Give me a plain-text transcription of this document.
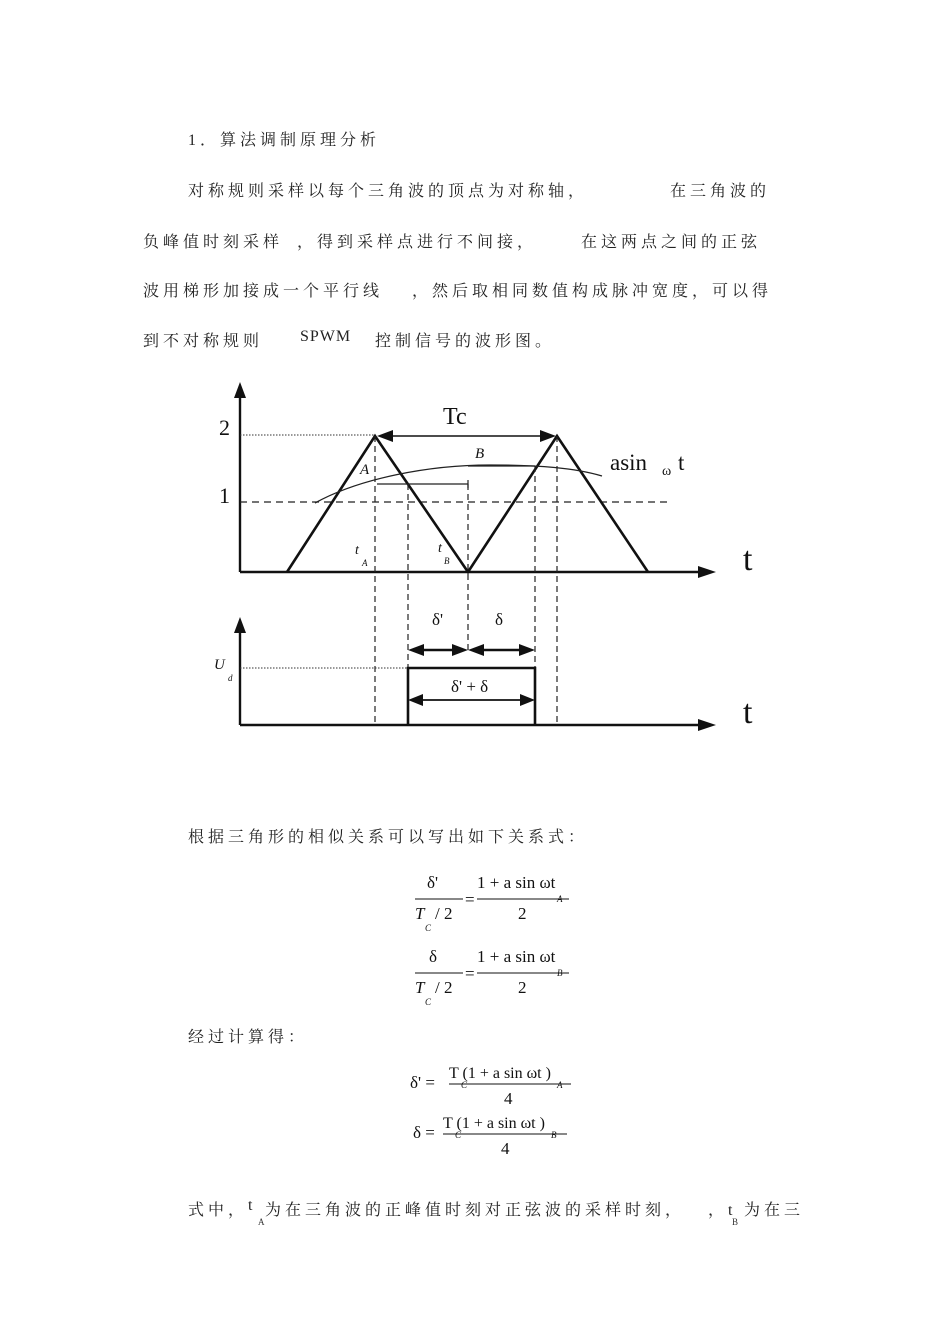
1．算法调制原理分析
对称规则采样以每个三角波的顶点为对称轴，	在三角波的
负峰值时刻采样 ，得到采样点进行不间接，	在这两点之间的正弦
波用梯形加接成一个平行线 ，然后取相同数值构成脉冲宽度，可以得
到不对称规则 SPWM 控制信号的波形图。
2
1
Tc
A
B	asin ω t
t
t
A
t
B
δ'	δ
δ' + δ
U
d
t
根据三角形的相似关系可以写出如下关系式：
δ'
T
C
/ 2
=
1 + a sin ωt
A
2
δ
T
C
/ 2
=
1 + a sin ωt
B
2
经过计算得：
δ' = T (1 + a sin ωt )
C	A
4
δ = T (1 + a sin ωt )
C	B
4
式中， t
A
为在三角波的正峰值时刻对正弦波的采样时刻， ，t
B
为在三
